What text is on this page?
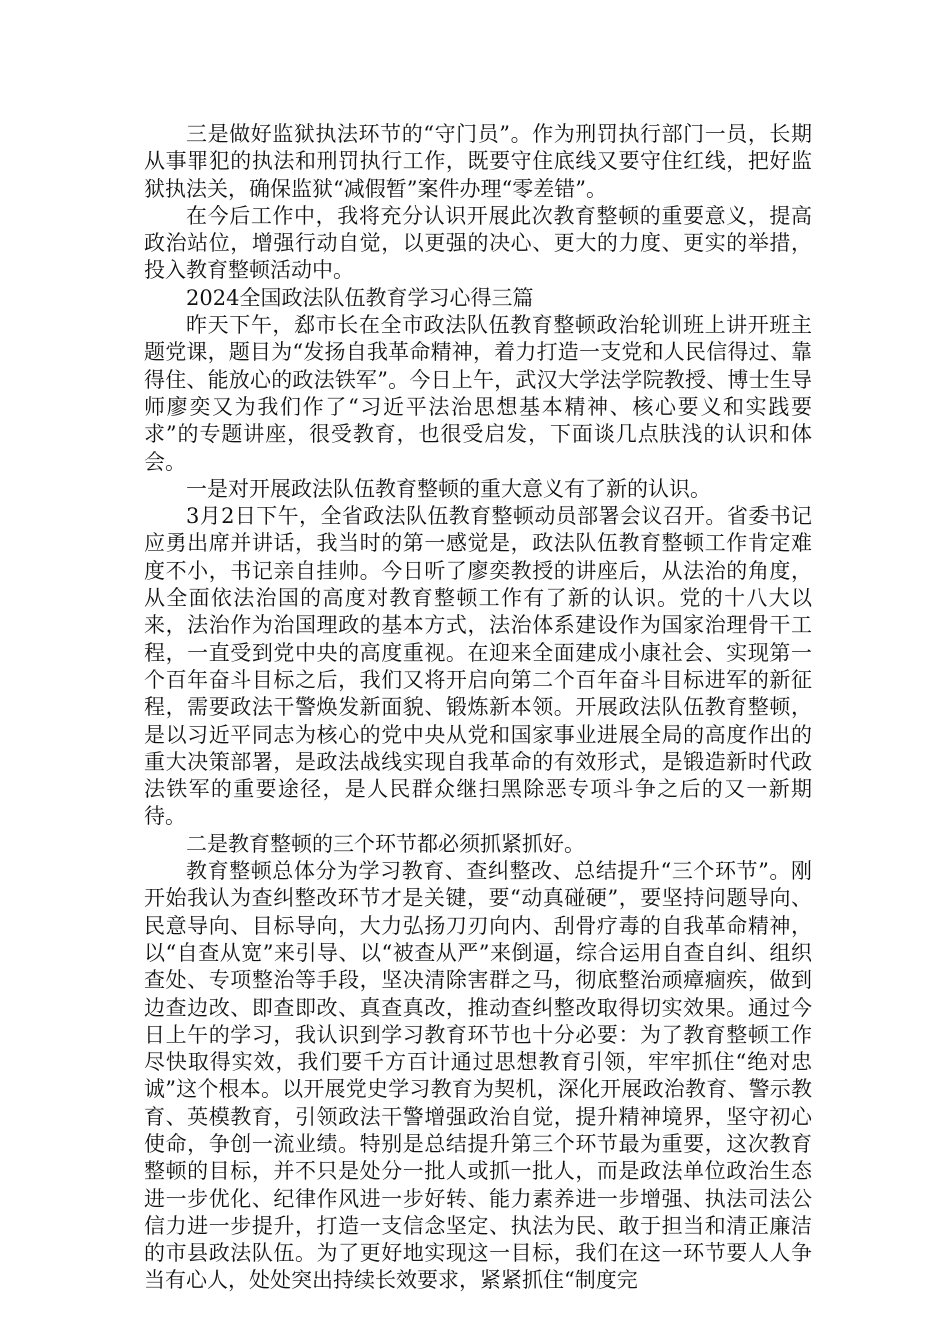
三是做好监狱执法环节的“守门员”。作为刑罚执行部门一员，长期从事罪犯的执法和刑罚执行工作，既要守住底线又要守住红线，把好监狱执法关，确保监狱“减假暂”案件办理“零差错”。

在今后工作中，我将充分认识开展此次教育整顿的重要意义，提高政治站位，增强行动自觉，以更强的决心、更大的力度、更实的举措，投入教育整顿活动中。

2024全国政法队伍教育学习心得三篇

昨天下午，郄市长在全市政法队伍教育整顿政治轮训班上讲开班主题党课，题目为“发扬自我革命精神，着力打造一支党和人民信得过、靠得住、能放心的政法铁军”。今日上午，武汉大学法学院教授、博士生导师廖奕又为我们作了“习近平法治思想基本精神、核心要义和实践要求”的专题讲座，很受教育，也很受启发，下面谈几点肤浅的认识和体会。

一是对开展政法队伍教育整顿的重大意义有了新的认识。

3月2日下午，全省政法队伍教育整顿动员部署会议召开。省委书记应勇出席并讲话，我当时的第一感觉是，政法队伍教育整顿工作肯定难度不小，书记亲自挂帅。今日听了廖奕教授的讲座后，从法治的角度，从全面依法治国的高度对教育整顿工作有了新的认识。党的十八大以来，法治作为治国理政的基本方式，法治体系建设作为国家治理骨干工程，一直受到党中央的高度重视。在迎来全面建成小康社会、实现第一个百年奋斗目标之后，我们又将开启向第二个百年奋斗目标进军的新征程，需要政法干警焕发新面貌、锻炼新本领。开展政法队伍教育整顿，是以习近平同志为核心的党中央从党和国家事业进展全局的高度作出的重大决策部署，是政法战线实现自我革命的有效形式，是锻造新时代政法铁军的重要途径，是人民群众继扫黑除恶专项斗争之后的又一新期待。

二是教育整顿的三个环节都必须抓紧抓好。

教育整顿总体分为学习教育、查纠整改、总结提升“三个环节”。刚开始我认为查纠整改环节才是关键，要“动真碰硬”，要坚持问题导向、民意导向、目标导向，大力弘扬刀刃向内、刮骨疗毒的自我革命精神，以“自查从宽”来引导、以“被查从严”来倒逼，综合运用自查自纠、组织查处、专项整治等手段，坚决清除害群之马，彻底整治顽瘴痼疾，做到边查边改、即查即改、真查真改，推动查纠整改取得切实效果。通过今日上午的学习，我认识到学习教育环节也十分必要：为了教育整顿工作尽快取得实效，我们要千方百计通过思想教育引领，牢牢抓住“绝对忠诚”这个根本。以开展党史学习教育为契机，深化开展政治教育、警示教育、英模教育，引领政法干警增强政治自觉，提升精神境界，坚守初心使命，争创一流业绩。特别是总结提升第三个环节最为重要，这次教育整顿的目标，并不只是处分一批人或抓一批人，而是政法单位政治生态进一步优化、纪律作风进一步好转、能力素养进一步增强、执法司法公信力进一步提升，打造一支信念坚定、执法为民、敢于担当和清正廉洁的市县政法队伍。为了更好地实现这一目标，我们在这一环节要人人争当有心人，处处突出持续长效要求，紧紧抓住“制度完
